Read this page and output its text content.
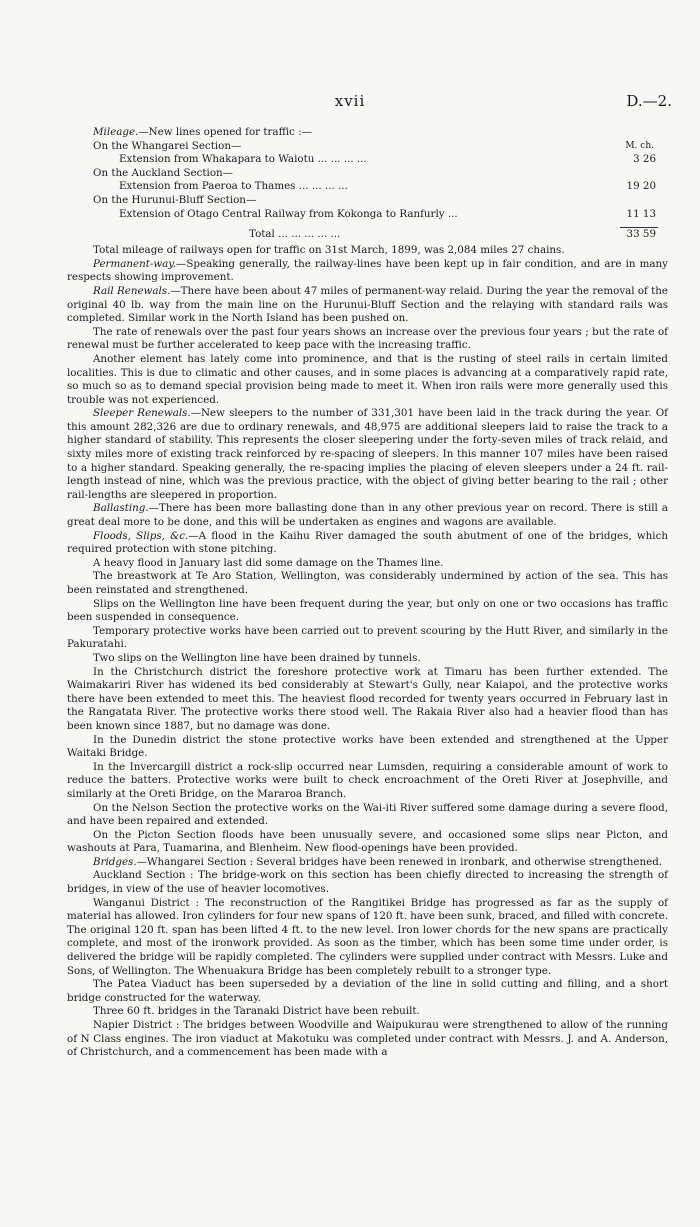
xvii	D.—2.
Mileage.—New lines opened for traffic :—
On the Whangarei Section—	M. ch.
Extension from Whakapara to Waiotu ... ... ... ...	3 26
On the Auckland Section—
Extension from Paeroa to Thames ... ... ... ...	19 20
On the Hurunui-Bluff Section—
Extension of Otago Central Railway from Kokonga to Ranfurly ...	11 13
Total ... ... ... ... ...	33 59

Total mileage of railways open for traffic on 31st March, 1899, was 2,084 miles 27 chains.

Permanent-way.—Speaking generally, the railway-lines have been kept up in fair condition, and are in many respects showing improvement.

Rail Renewals.—There have been about 47 miles of permanent-way relaid. During the year the removal of the original 40 lb. way from the main line on the Hurunui-Bluff Section and the relaying with standard rails was completed. Similar work in the North Island has been pushed on.

The rate of renewals over the past four years shows an increase over the previous four years ; but the rate of renewal must be further accelerated to keep pace with the increasing traffic.

Another element has lately come into prominence, and that is the rusting of steel rails in certain limited localities. This is due to climatic and other causes, and in some places is advancing at a comparatively rapid rate, so much so as to demand special provision being made to meet it. When iron rails were more generally used this trouble was not experienced.

Sleeper Renewals.—New sleepers to the number of 331,301 have been laid in the track during the year. Of this amount 282,326 are due to ordinary renewals, and 48,975 are additional sleepers laid to raise the track to a higher standard of stability. This represents the closer sleepering under the forty-seven miles of track relaid, and sixty miles more of existing track reinforced by re-spacing of sleepers. In this manner 107 miles have been raised to a higher standard. Speaking generally, the re-spacing implies the placing of eleven sleepers under a 24 ft. rail-length instead of nine, which was the previous practice, with the object of giving better bearing to the rail ; other rail-lengths are sleepered in proportion.

Ballasting.—There has been more ballasting done than in any other previous year on record. There is still a great deal more to be done, and this will be undertaken as engines and wagons are available.

Floods, Slips, &c.—A flood in the Kaihu River damaged the south abutment of one of the bridges, which required protection with stone pitching.

A heavy flood in January last did some damage on the Thames line.

The breastwork at Te Aro Station, Wellington, was considerably undermined by action of the sea. This has been reinstated and strengthened.

Slips on the Wellington line have been frequent during the year, but only on one or two occasions has traffic been suspended in consequence.

Temporary protective works have been carried out to prevent scouring by the Hutt River, and similarly in the Pakuratahi.

Two slips on the Wellington line have been drained by tunnels.

In the Christchurch district the foreshore protective work at Timaru has been further extended. The Waimakariri River has widened its bed considerably at Stewart's Gully, near Kaiapoi, and the protective works there have been extended to meet this. The heaviest flood recorded for twenty years occurred in February last in the Rangatata River. The protective works there stood well. The Rakaia River also had a heavier flood than has been known since 1887, but no damage was done.

In the Dunedin district the stone protective works have been extended and strengthened at the Upper Waitaki Bridge.

In the Invercargill district a rock-slip occurred near Lumsden, requiring a considerable amount of work to reduce the batters. Protective works were built to check encroachment of the Oreti River at Josephville, and similarly at the Oreti Bridge, on the Mararoa Branch.

On the Nelson Section the protective works on the Wai-iti River suffered some damage during a severe flood, and have been repaired and extended.

On the Picton Section floods have been unusually severe, and occasioned some slips near Picton, and washouts at Para, Tuamarina, and Blenheim. New flood-openings have been provided.

Bridges.—Whangarei Section : Several bridges have been renewed in ironbark, and otherwise strengthened.

Auckland Section : The bridge-work on this section has been chiefly directed to increasing the strength of bridges, in view of the use of heavier locomotives.

Wanganui District : The reconstruction of the Rangitikei Bridge has progressed as far as the supply of material has allowed. Iron cylinders for four new spans of 120 ft. have been sunk, braced, and filled with concrete. The original 120 ft. span has been lifted 4 ft. to the new level. Iron lower chords for the new spans are practically complete, and most of the ironwork provided. As soon as the timber, which has been some time under order, is delivered the bridge will be rapidly completed. The cylinders were supplied under contract with Messrs. Luke and Sons, of Wellington. The Whenuakura Bridge has been completely rebuilt to a stronger type.

The Patea Viaduct has been superseded by a deviation of the line in solid cutting and filling, and a short bridge constructed for the waterway.

Three 60 ft. bridges in the Taranaki District have been rebuilt.

Napier District : The bridges between Woodville and Waipukurau were strengthened to allow of the running of N Class engines. The iron viaduct at Makotuku was completed under contract with Messrs. J. and A. Anderson, of Christchurch, and a commencement has been made with a
